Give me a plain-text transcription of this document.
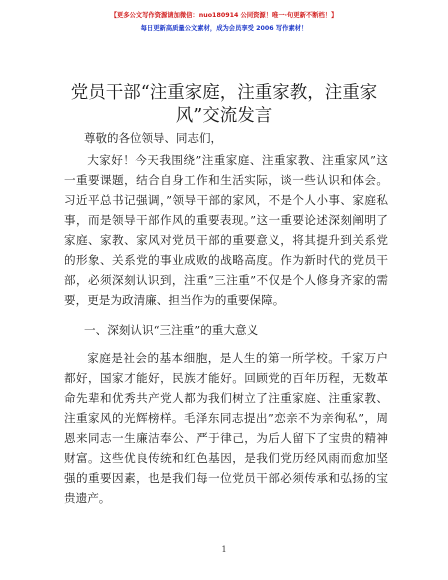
【更多公文写作资源请加微信：nuo180914 公同资源！唯一·句更新不断档！】
每日更新高质量公文素材，成为会员享受 2006 写作素材！
党员干部“注重家庭，注重家教，注重家风”交流发言
尊敬的各位领导、同志们，

大家好！今天我围绕”注重家庭、注重家教、注重家风”这一重要课题，结合自身工作和生活实际，谈一些认识和体会。习近平总书记强调，”领导干部的家风，不是个人小事、家庭私事，而是领导干部作风的重要表现。”这一重要论述深刻阐明了家庭、家教、家风对党员干部的重要意义，将其提升到关系党的形象、关系党的事业成败的战略高度。作为新时代的党员干部，必须深刻认识到，注重”三注重”不仅是个人修身齐家的需要，更是为政清廉、担当作为的重要保障。

一、深刻认识“三注重”的重大意义

家庭是社会的基本细胞，是人生的第一所学校。千家万户都好，国家才能好，民族才能好。回顾党的百年历程，无数革命先辈和优秀共产党人都为我们树立了注重家庭、注重家教、注重家风的光辉榜样。毛泽东同志提出”恋亲不为亲徇私”，周恩来同志一生廉洁奉公、严于律己，为后人留下了宝贵的精神财富。这些优良传统和红色基因，是我们党历经风雨而愈加坚强的重要因素，也是我们每一位党员干部必须传承和弘扬的宝贵遗产。

1
